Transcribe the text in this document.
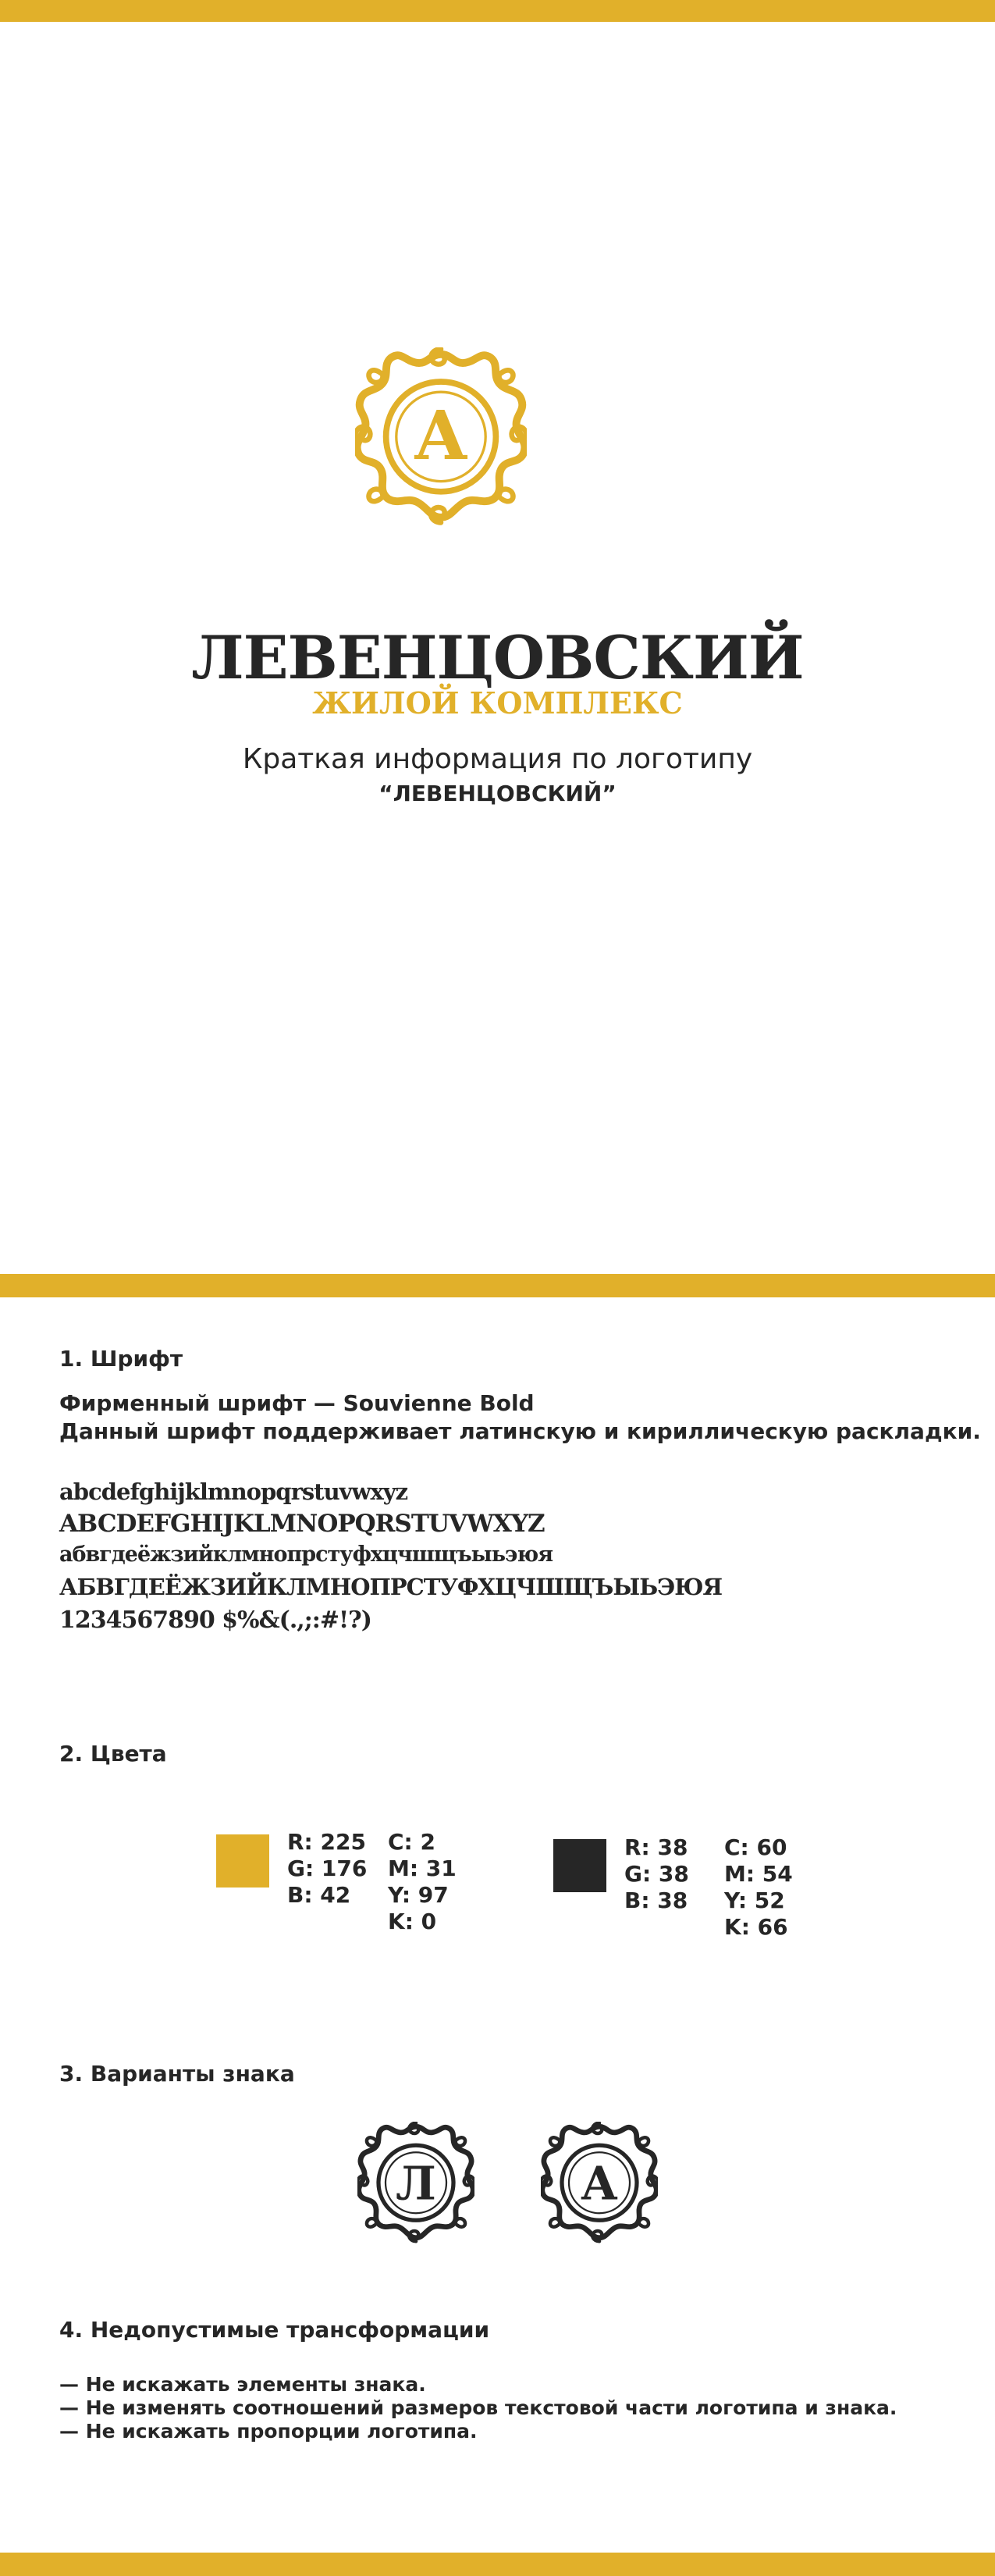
А
ЛЕВЕНЦОВСКИЙ
ЖИЛОЙ КОМПЛЕКС
Краткая информация по логотипу
“ЛЕВЕНЦОВСКИЙ”
1. Шрифт
Фирменный шрифт — Souvienne Bold
Данный шрифт поддерживает латинскую и кириллическую раскладки.
abcdefghijklmnopqrstuvwxyz
ABCDEFGHIJKLMNOPQRSTUVWXYZ
абвгдеёжзийклмнопрстуфхцчшщъыьэюя
АБВГДЕЁЖЗИЙКЛМНОПРСТУФХЦЧШЩЪЫЬЭЮЯ
1234567890 $%&(.,;:#!?)
2. Цвета
R: 225
G: 176
B: 42
C: 2
M: 31
Y: 97
K: 0
R: 38
G: 38
B: 38
C: 60
M: 54
Y: 52
K: 66
3. Варианты знака
Л А
4. Недопустимые трансформации
— Не искажать элементы знака.
— Не изменять соотношений размеров текстовой части логотипа и знака.
— Не искажать пропорции логотипа.
